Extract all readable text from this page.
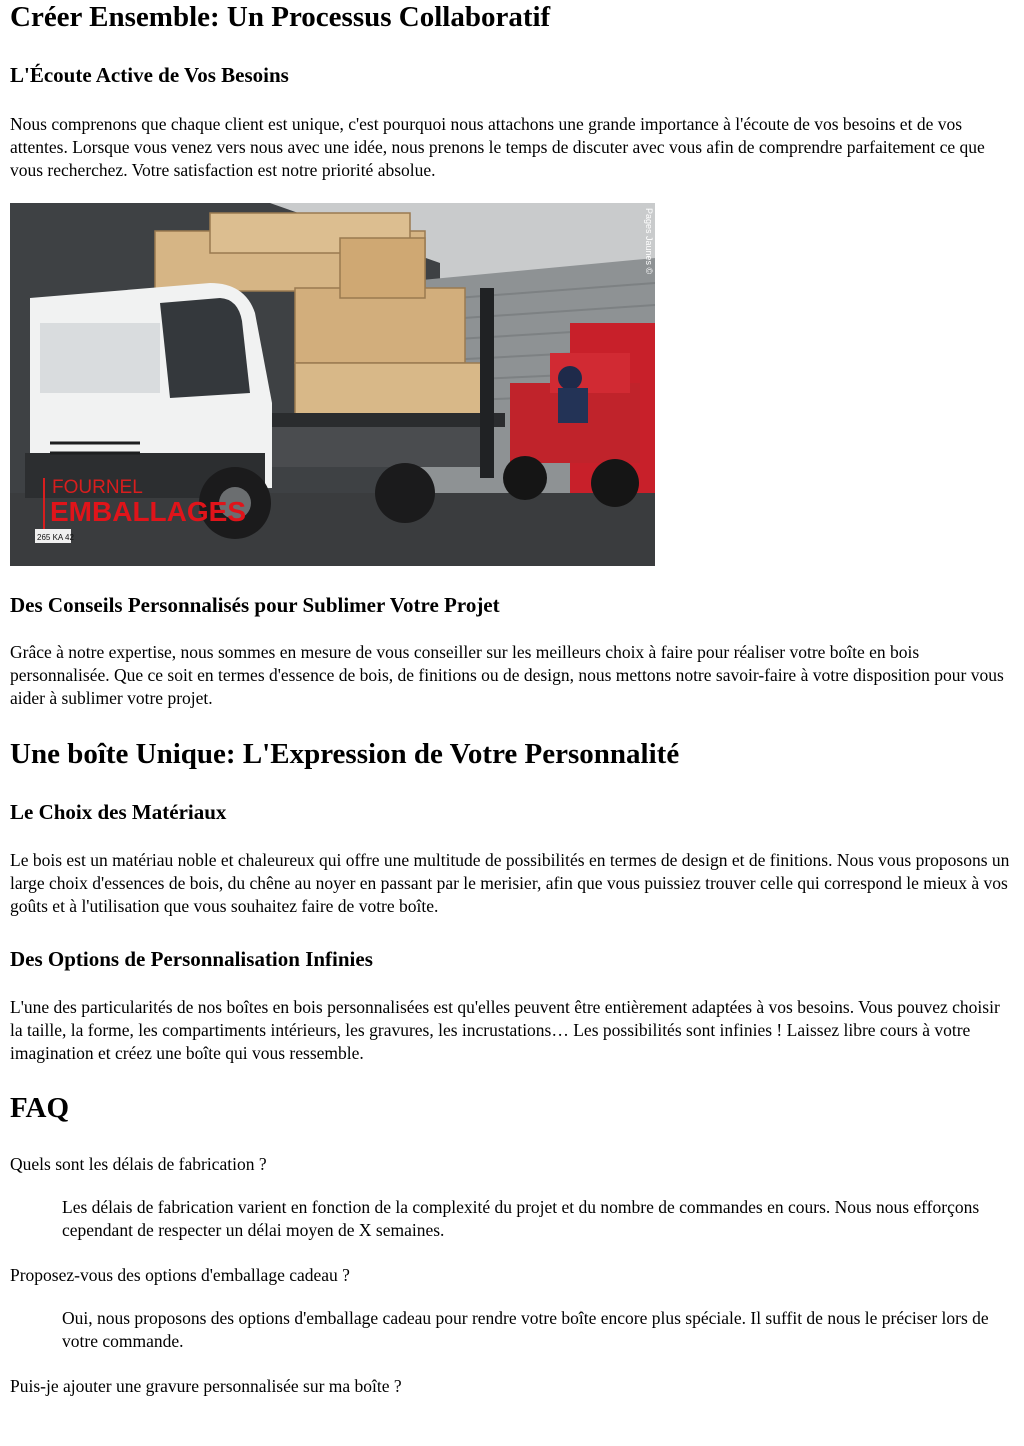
Créer Ensemble: Un Processus Collaboratif
L'Écoute Active de Vos Besoins

Nous comprenons que chaque client est unique, c'est pourquoi nous attachons une grande importance à l'écoute de vos besoins et de vos attentes. Lorsque vous venez vers nous avec une idée, nous prenons le temps de discuter avec vous afin de comprendre parfaitement ce que vous recherchez. Votre satisfaction est notre priorité absolue.

FOURNEL
EMBALLAGES
265 KA 42
Pages Jaunes ©
Des Conseils Personnalisés pour Sublimer Votre Projet

Grâce à notre expertise, nous sommes en mesure de vous conseiller sur les meilleurs choix à faire pour réaliser votre boîte en bois personnalisée. Que ce soit en termes d'essence de bois, de finitions ou de design, nous mettons notre savoir-faire à votre disposition pour vous aider à sublimer votre projet.

Une boîte Unique: L'Expression de Votre Personnalité
Le Choix des Matériaux

Le bois est un matériau noble et chaleureux qui offre une multitude de possibilités en termes de design et de finitions. Nous vous proposons un large choix d'essences de bois, du chêne au noyer en passant par le merisier, afin que vous puissiez trouver celle qui correspond le mieux à vos goûts et à l'utilisation que vous souhaitez faire de votre boîte.

Des Options de Personnalisation Infinies

L'une des particularités de nos boîtes en bois personnalisées est qu'elles peuvent être entièrement adaptées à vos besoins. Vous pouvez choisir la taille, la forme, les compartiments intérieurs, les gravures, les incrustations… Les possibilités sont infinies ! Laissez libre cours à votre imagination et créez une boîte qui vous ressemble.

FAQ
Quels sont les délais de fabrication ?
Les délais de fabrication varient en fonction de la complexité du projet et du nombre de commandes en cours. Nous nous efforçons cependant de respecter un délai moyen de X semaines.
Proposez-vous des options d'emballage cadeau ?
Oui, nous proposons des options d'emballage cadeau pour rendre votre boîte encore plus spéciale. Il suffit de nous le préciser lors de votre commande.
Puis-je ajouter une gravure personnalisée sur ma boîte ?
